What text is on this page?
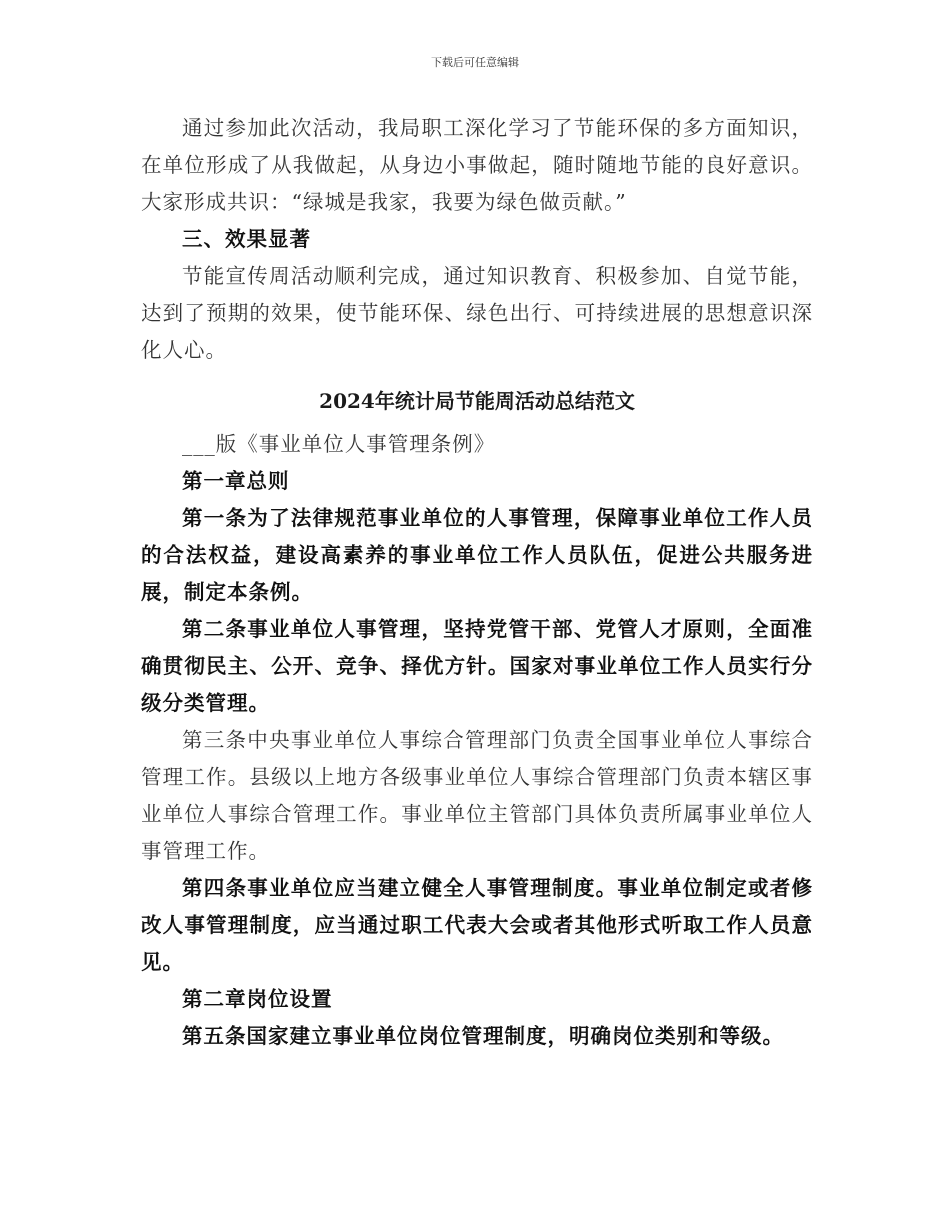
下载后可任意编辑

通过参加此次活动，我局职工深化学习了节能环保的多方面知识，在单位形成了从我做起，从身边小事做起，随时随地节能的良好意识。大家形成共识：“绿城是我家，我要为绿色做贡献。”

三、效果显著

节能宣传周活动顺利完成，通过知识教育、积极参加、自觉节能，达到了预期的效果，使节能环保、绿色出行、可持续进展的思想意识深化人心。

2024年统计局节能周活动总结范文

___版《事业单位人事管理条例》

第一章总则

第一条为了法律规范事业单位的人事管理，保障事业单位工作人员的合法权益，建设高素养的事业单位工作人员队伍，促进公共服务进展，制定本条例。

第二条事业单位人事管理，坚持党管干部、党管人才原则，全面准确贯彻民主、公开、竞争、择优方针。国家对事业单位工作人员实行分级分类管理。

第三条中央事业单位人事综合管理部门负责全国事业单位人事综合管理工作。县级以上地方各级事业单位人事综合管理部门负责本辖区事业单位人事综合管理工作。事业单位主管部门具体负责所属事业单位人事管理工作。

第四条事业单位应当建立健全人事管理制度。事业单位制定或者修改人事管理制度，应当通过职工代表大会或者其他形式听取工作人员意见。

第二章岗位设置

第五条国家建立事业单位岗位管理制度，明确岗位类别和等级。
